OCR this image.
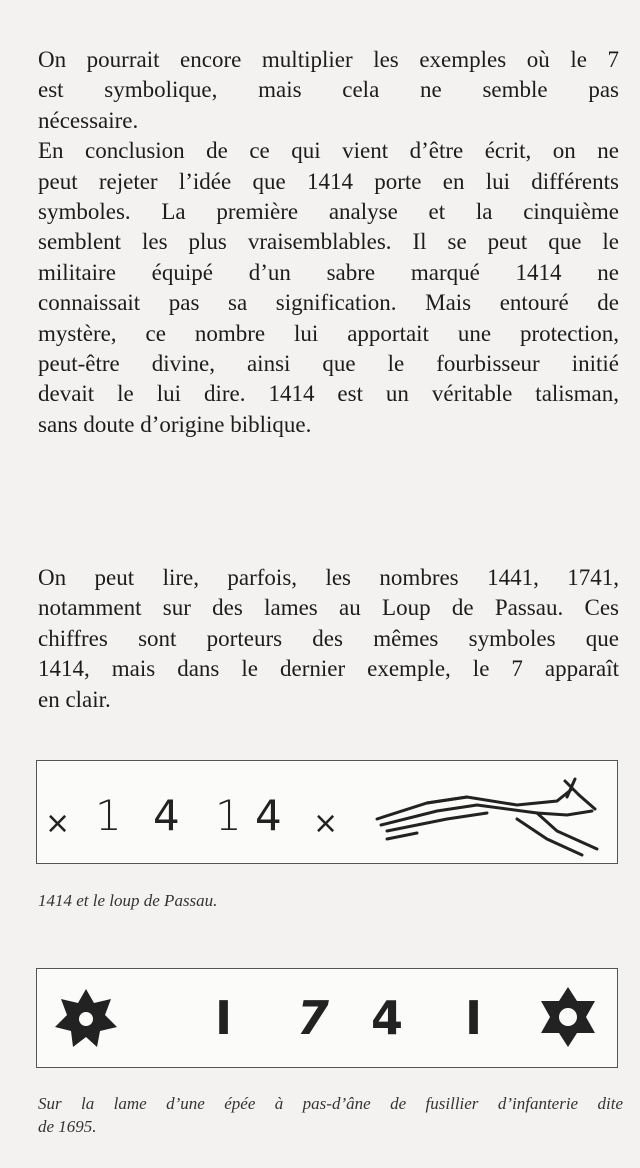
On pourrait encore multiplier les exemples où le 7
est symbolique, mais cela ne semble pas
nécessaire.
En conclusion de ce qui vient d’être écrit, on ne
peut rejeter l’idée que 1414 porte en lui différents
symboles. La première analyse et la cinquième
semblent les plus vraisemblables. Il se peut que le
militaire équipé d’un sabre marqué 1414 ne
connaissait pas sa signification. Mais entouré de
mystère, ce nombre lui apportait une protection,
peut-être divine, ainsi que le fourbisseur initié
devait le lui dire. 1414 est un véritable talisman,
sans doute d’origine biblique.
On peut lire, parfois, les nombres 1441, 1741,
notamment sur des lames au Loup de Passau. Ces
chiffres sont porteurs des mêmes symboles que
1414, mais dans le dernier exemple, le 7 apparaît
en clair.
× 1 4 1 4 ×

1414 et le loup de Passau.

I 7 4 I
Sur la lame d’une épée à pas-d’âne de fusillier d’infanterie dite
de 1695.
